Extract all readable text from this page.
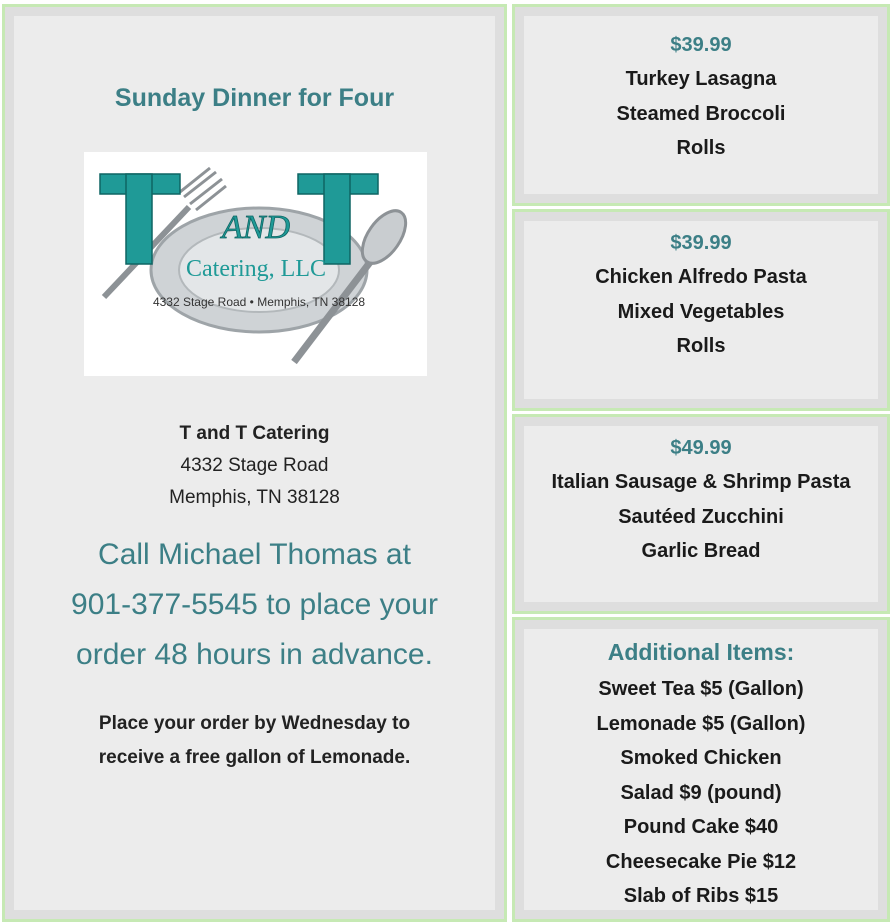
Sunday Dinner for Four
AND
Catering, LLC
4332 Stage Road • Memphis, TN 38128
T and T Catering
4332 Stage Road
Memphis, TN 38128
Call Michael Thomas at
901-377-5545 to place your
order 48 hours in advance.
Place your order by Wednesday to
receive a free gallon of Lemonade.
$39.99
Turkey Lasagna
Steamed Broccoli
Rolls
$39.99
Chicken Alfredo Pasta
Mixed Vegetables
Rolls
$49.99
Italian Sausage & Shrimp Pasta
Sautéed Zucchini
Garlic Bread
Additional Items:
Sweet Tea $5 (Gallon)
Lemonade $5 (Gallon)
Smoked Chicken
Salad $9 (pound)
Pound Cake $40
Cheesecake Pie $12
Slab of Ribs $15
